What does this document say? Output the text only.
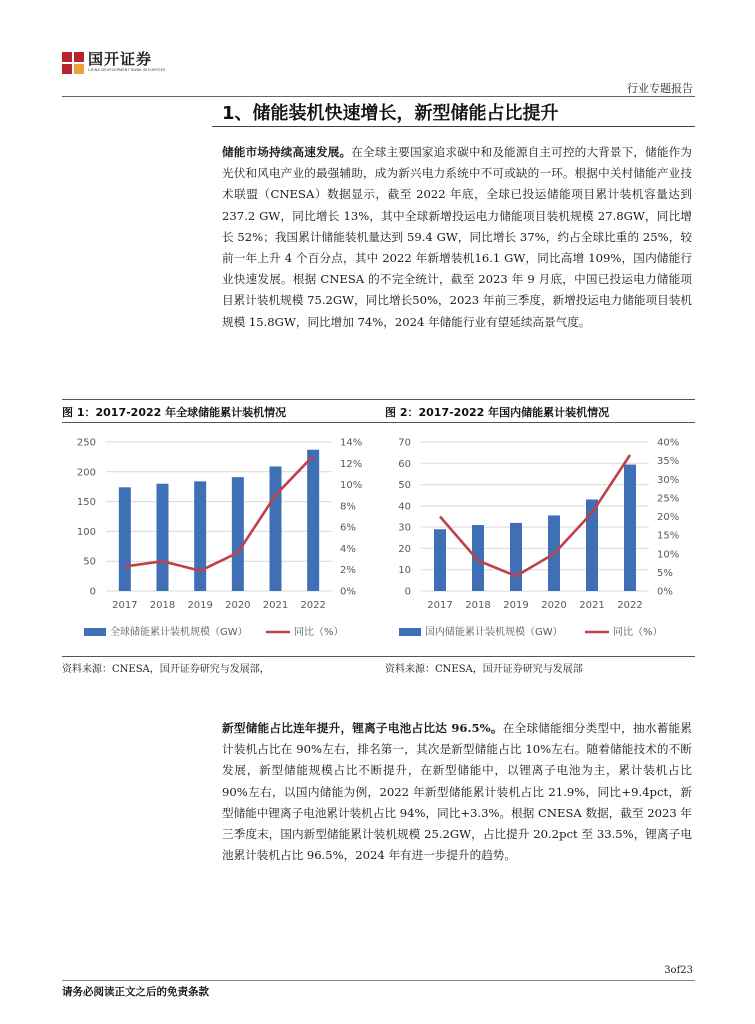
国开证券
CHINA DEVELOPMENT BANK SECURITIES
行业专题报告
1、储能装机快速增长，新型储能占比提升
储能市场持续高速发展。在全球主要国家追求碳中和及能源自主可控的大背景下，储能作为光伏和风电产业的最强辅助，成为新兴电力系统中不可或缺的一环。根据中关村储能产业技术联盟（CNESA）数据显示，截至 2022 年底，全球已投运储能项目累计装机容量达到 237.2 GW，同比增长 13%，其中全球新增投运电力储能项目装机规模 27.8GW，同比增长 52%；我国累计储能装机量达到 59.4 GW，同比增长 37%，约占全球比重的 25%，较前一年上升 4 个百分点，其中 2022 年新增装机16.1 GW，同比高增 109%，国内储能行业快速发展。根据 CNESA 的不完全统计，截至 2023 年 9 月底，中国已投运电力储能项目累计装机规模 75.2GW，同比增长50%，2023 年前三季度，新增投运电力储能项目装机规模 15.8GW，同比增加 74%，2024 年储能行业有望延续高景气度。
图 1：2017-2022 年全球储能累计装机情况	图 2：2017-2022 年国内储能累计装机情况
0
50
100
150
200
250
0%
2%
4%
6%
8%
10%
12%
14%
2017 2018 2019 2020 2021 2022
全球储能累计装机规模（GW）	同比（%）
0
10
20
30
40
50
60
70
0%
5%
10%
15%
20%
25%
30%
35%
40%
2017 2018 2019 2020 2021 2022
国内储能累计装机规模（GW）	同比（%）
资料来源：CNESA，国开证券研究与发展部，	资料来源：CNESA，国开证券研究与发展部
新型储能占比连年提升，锂离子电池占比达 96.5%。在全球储能细分类型中，抽水蓄能累计装机占比在 90%左右，排名第一，其次是新型储能占比 10%左右。随着储能技术的不断发展，新型储能规模占比不断提升，在新型储能中，以锂离子电池为主，累计装机占比 90%左右，以国内储能为例，2022 年新型储能累计装机占比 21.9%，同比+9.4pct，新型储能中锂离子电池累计装机占比 94%，同比+3.3%。根据 CNESA 数据，截至 2023 年三季度末，国内新型储能累计装机规模 25.2GW，占比提升 20.2pct 至 33.5%，锂离子电池累计装机占比 96.5%，2024 年有进一步提升的趋势。
3of23
请务必阅读正文之后的免责条款
